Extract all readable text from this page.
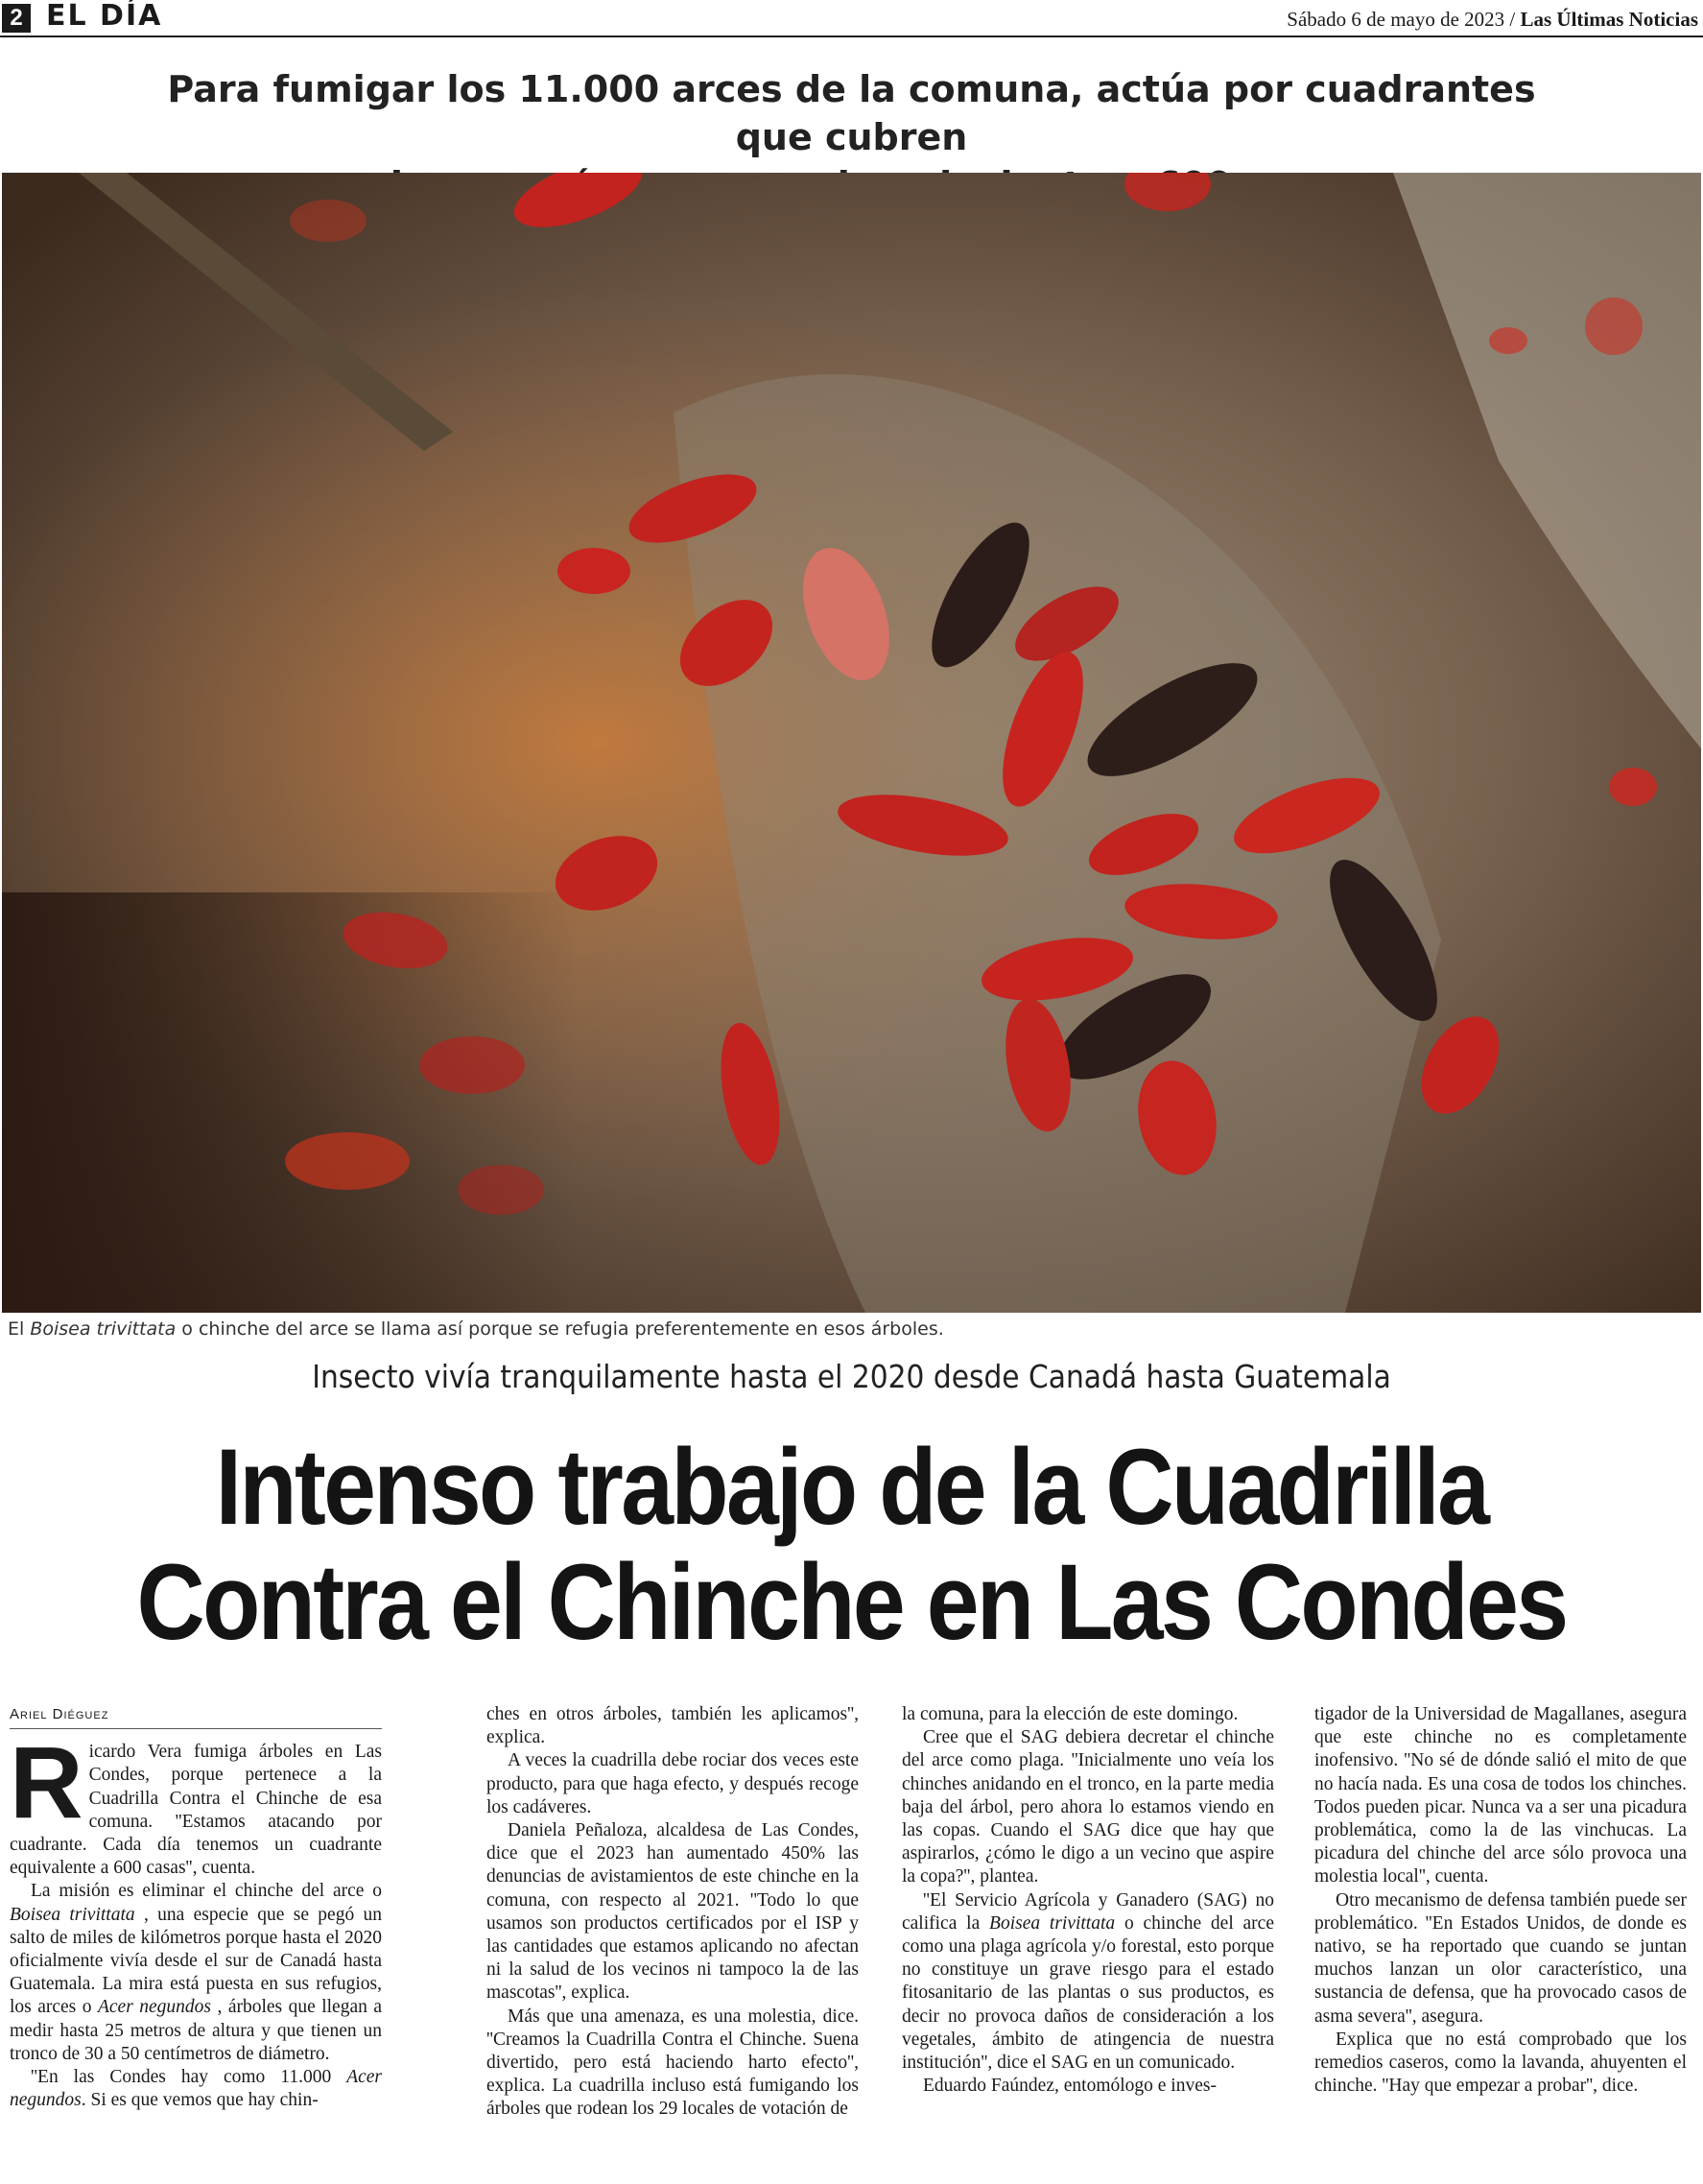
2 EL DÍA	Sábado 6 de mayo de 2023 / Las Últimas Noticias
Para fumigar los 11.000 arces de la comuna, actúa por cuadrantes que cubren
El Boisea trivittata o chinche del arce se llama así porque se refugia preferentemente en esos árboles.
Insecto vivía tranquilamente hasta el 2020 desde Canadá hasta Guatemala
Intenso trabajo de la Cuadrilla
Contra el Chinche en Las Condes
Ariel Diéguez

Ricardo Vera fumiga árboles en Las Condes, porque pertenece a la Cuadrilla Contra el Chinche de esa comuna. ''Estamos atacando por cuadrante. Cada día tenemos un cuadrante equivalente a 600 casas'', cuenta.

La misión es eliminar el chinche del arce o Boisea trivittata , una especie que se pegó un salto de miles de kilómetros porque hasta el 2020 oficialmente vivía desde el sur de Canadá hasta Guatemala. La mira está puesta en sus refugios, los arces o Acer negundos , árboles que llegan a medir hasta 25 metros de altura y que tienen un tronco de 30 a 50 centímetros de diámetro.

''En las Condes hay como 11.000 Acer negundos. Si es que vemos que hay chin-

ches en otros árboles, también les aplicamos'', explica.

A veces la cuadrilla debe rociar dos veces este producto, para que haga efecto, y después recoge los cadáveres.

Daniela Peñaloza, alcaldesa de Las Condes, dice que el 2023 han aumentado 450% las denuncias de avistamientos de este chinche en la comuna, con respecto al 2021. ''Todo lo que usamos son productos certificados por el ISP y las cantidades que estamos aplicando no afectan ni la salud de los vecinos ni tampoco la de las mascotas'', explica.

Más que una amenaza, es una molestia, dice. ''Creamos la Cuadrilla Contra el Chinche. Suena divertido, pero está haciendo harto efecto'', explica. La cuadrilla incluso está fumigando los árboles que rodean los 29 locales de votación de

la comuna, para la elección de este domingo.

Cree que el SAG debiera decretar el chinche del arce como plaga. ''Inicialmente uno veía los chinches anidando en el tronco, en la parte media baja del árbol, pero ahora lo estamos viendo en las copas. Cuando el SAG dice que hay que aspirarlos, ¿cómo le digo a un vecino que aspire la copa?'', plantea.

''El Servicio Agrícola y Ganadero (SAG) no califica la Boisea trivittata o chinche del arce como una plaga agrícola y/o forestal, esto porque no constituye un grave riesgo para el estado fitosanitario de las plantas o sus productos, es decir no provoca daños de consideración a los vegetales, ámbito de atingencia de nuestra institución'', dice el SAG en un comunicado.

Eduardo Faúndez, entomólogo e inves-

tigador de la Universidad de Magallanes, asegura que este chinche no es completamente inofensivo. ''No sé de dónde salió el mito de que no hacía nada. Es una cosa de todos los chinches. Todos pueden picar. Nunca va a ser una picadura problemática, como la de las vinchucas. La picadura del chinche del arce sólo provoca una molestia local'', cuenta.

Otro mecanismo de defensa también puede ser problemático. ''En Estados Unidos, de donde es nativo, se ha reportado que cuando se juntan muchos lanzan un olor característico, una sustancia de defensa, que ha provocado casos de asma severa'', asegura.

Explica que no está comprobado que los remedios caseros, como la lavanda, ahuyenten el chinche. ''Hay que empezar a probar'', dice.
